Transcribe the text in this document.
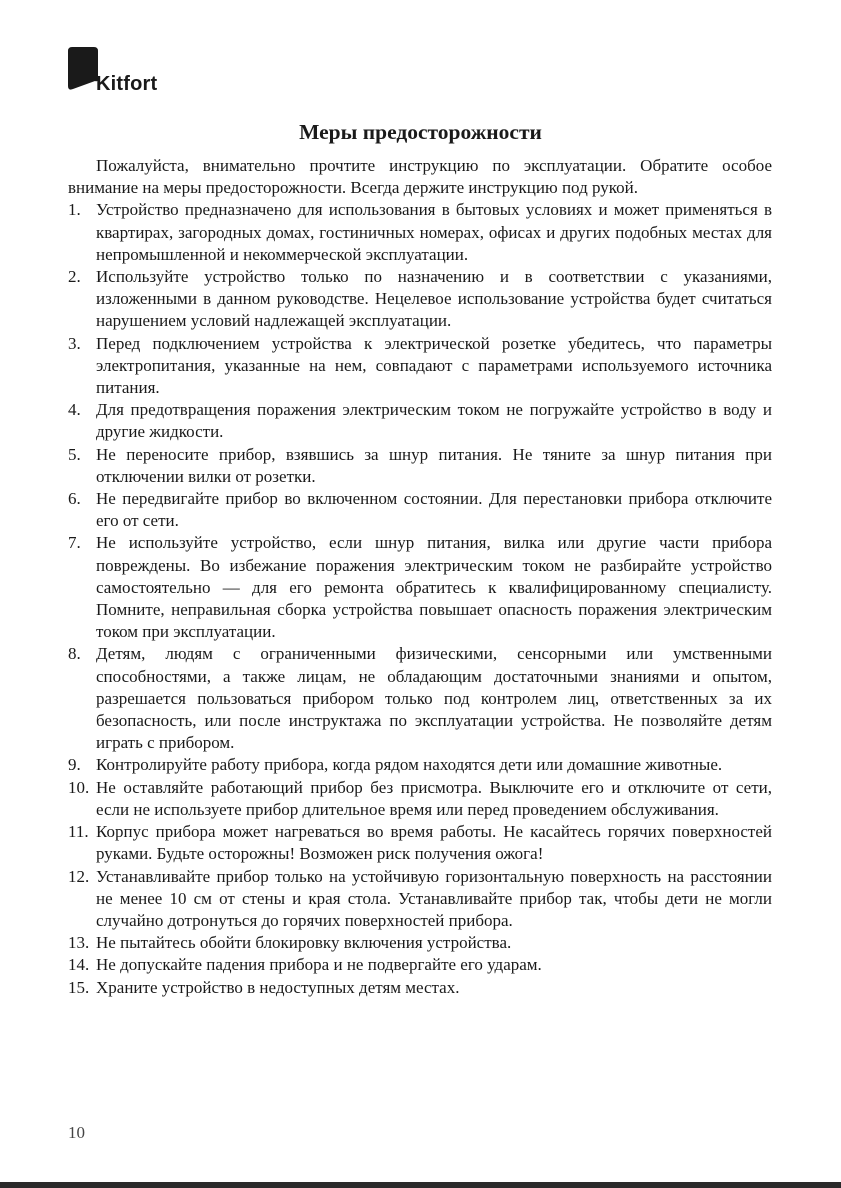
Kitfort
Меры предосторожности

Пожалуйста, внимательно прочтите инструкцию по эксплуатации. Обратите особое внимание на меры предосторожности. Всегда держите инструкцию под рукой.

1. Устройство предназначено для использования в бытовых условиях и может применяться в квартирах, загородных домах, гостиничных номерах, офисах и других подобных местах для непромышленной и некоммерческой эксплуатации.
2. Используйте устройство только по назначению и в соответствии с указаниями, изложенными в данном руководстве. Нецелевое использование устройства будет считаться нарушением условий надлежащей эксплуатации.
3. Перед подключением устройства к электрической розетке убедитесь, что параметры электропитания, указанные на нем, совпадают с параметрами используемого источника питания.
4. Для предотвращения поражения электрическим током не погружайте устройство в воду и другие жидкости.
5. Не переносите прибор, взявшись за шнур питания. Не тяните за шнур питания при отключении вилки от розетки.
6. Не передвигайте прибор во включенном состоянии. Для перестановки прибора отключите его от сети.
7. Не используйте устройство, если шнур питания, вилка или другие части прибора повреждены. Во избежание поражения электрическим током не разбирайте устройство самостоятельно — для его ремонта обратитесь к квалифицированному специалисту. Помните, неправильная сборка устройства повышает опасность поражения электрическим током при эксплуатации.
8. Детям, людям с ограниченными физическими, сенсорными или умственными способностями, а также лицам, не обладающим достаточными знаниями и опытом, разрешается пользоваться прибором только под контролем лиц, ответственных за их безопасность, или после инструктажа по эксплуатации устройства. Не позволяйте детям играть с прибором.
9. Контролируйте работу прибора, когда рядом находятся дети или домашние животные.
10. Не оставляйте работающий прибор без присмотра. Выключите его и отключите от сети, если не используете прибор длительное время или перед проведением обслуживания.
11. Корпус прибора может нагреваться во время работы. Не касайтесь горячих поверхностей руками. Будьте осторожны! Возможен риск получения ожога!
12. Устанавливайте прибор только на устойчивую горизонтальную поверхность на расстоянии не менее 10 см от стены и края стола. Устанавливайте прибор так, чтобы дети не могли случайно дотронуться до горячих поверхностей прибора.
13. Не пытайтесь обойти блокировку включения устройства.
14. Не допускайте падения прибора и не подвергайте его ударам.
15. Храните устройство в недоступных детям местах.
10
